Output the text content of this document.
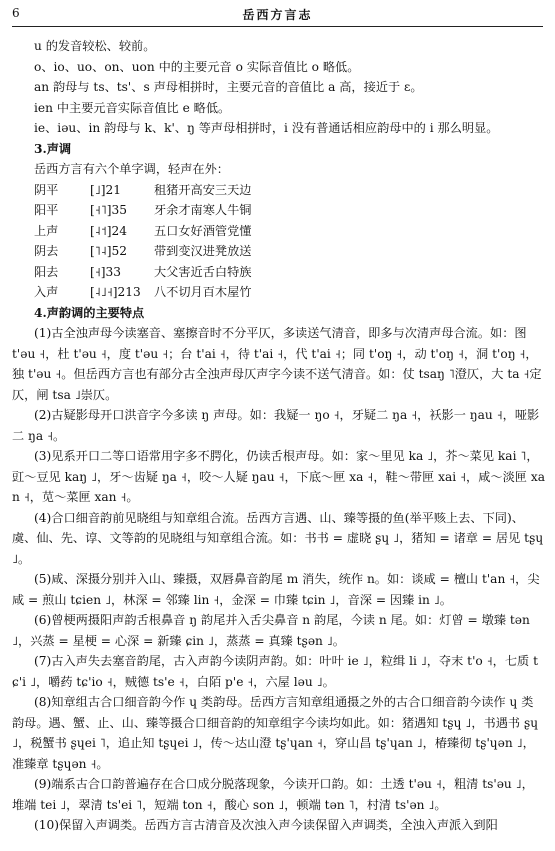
6	岳西方言志
u 的发音较松、较前。
o、io、uo、on、uon 中的主要元音 o 实际音值比 o 略低。
an 韵母与 ts、ts'、s 声母相拼时，主要元音的音值比 a 高，接近于 ɛ。
ien 中主要元音实际音值比 e 略低。
ie、iəu、in 韵母与 k、k'、ŋ 等声母相拼时，i 没有普通话相应韵母中的 i 那么明显。
3.声调
岳西方言有六个单字调，轻声在外：
阴平	[˩]21	租猪开高安三天边
阳平	[˧˥]35	牙余才南寒人牛铜
上声	[˨˦]24	五口女好酒管党懂
阴去	[˥˨]52	带到变汉进凳放送
阳去	[˧]33	大父害近舌白特族
入声	[˨˩˧]213	八不切月百木屋竹
4.声韵调的主要特点
(1)古全浊声母今读塞音、塞擦音时不分平仄，多读送气清音，即多与次清声母合流。如：图 t'əu ˧，杜 t'əu ˧，度 t'əu ˧；台 t'ai ˧，待 t'ai ˧，代 t'ai ˧；同 t'oŋ ˧，动 t'oŋ ˧，洞 t'oŋ ˧，独 t'əu ˧。但岳西方言也有部分古全浊声母仄声字今读不送气清音。如：仗 tsaŋ ˥澄仄，大 ta ˧定仄，闸 tsa ˩崇仄。
(2)古疑影母开口洪音字今多读 ŋ 声母。如：我疑一 ŋo ˧，牙疑二 ŋa ˧，袄影一 ŋau ˧，哑影二 ŋa ˧。
(3)见系开口二等口语常用字多不腭化，仍读舌根声母。如：家～里见 ka ˩，芥～菜见 kai ˥，豇～豆见 kaŋ ˩，牙～齿疑 ŋa ˧，咬～人疑 ŋau ˧，下底～匣 xa ˧，鞋～带匣 xai ˧，咸～淡匣 xan ˧，苋～菜匣 xan ˧。
(4)合口细音韵前见晓组与知章组合流。岳西方言遇、山、臻等摄的鱼(举平赅上去、下同)、虞、仙、先、谆、文等韵的见晓组与知章组合流。如：书书 = 虚晓 ʂɥ ˩，猪知 = 诸章 = 居见 tʂɥ ˩。
(5)咸、深摄分别并入山、臻摄，双唇鼻音韵尾 m 消失，统作 n。如：谈咸 = 檀山 t'an ˧，尖咸 = 煎山 tɕien ˩，林深 = 邻臻 lin ˧，金深 = 巾臻 tɕin ˩，音深 = 因臻 in ˩。
(6)曾梗两摄阳声韵舌根鼻音 ŋ 韵尾并入舌尖鼻音 n 韵尾，今读 n 尾。如：灯曾 = 墩臻 tən ˩，兴蒸 = 星梗 = 心深 = 新臻 ɕin ˩，蒸蒸 = 真臻 tʂən ˩。
(7)古入声失去塞音韵尾，古入声韵今读阴声韵。如：叶叶 ie ˩，粒缉 li ˩，夺末 t'o ˧，七质 tɕ'i ˩，嚼药 tɕ'io ˧，贼德 ts'e ˧，白陌 p'e ˧，六屋 ləu ˩。
(8)知章组古合口细音韵今作 ɥ 类韵母。岳西方言知章组通摄之外的古合口细音韵今读作 ɥ 类韵母。遇、蟹、止、山、臻等摄合口细音韵的知章组字今读均如此。如：猪遇知 tʂɥ ˩，书遇书 ʂɥ ˩，税蟹书 ʂɥei ˥，追止知 tʂɥei ˩，传～达山澄 tʂ'ɥan ˧，穿山昌 tʂ'ɥan ˩，椿臻彻 tʂ'ɥən ˩，准臻章 tʂɥən ˧。
(9)端系古合口韵普遍存在合口成分脱落现象，今读开口韵。如：土透 t'əu ˧，粗清 ts'əu ˩，堆端 tei ˩，翠清 ts'ei ˥，短端 ton ˧，酸心 son ˩，顿端 tən ˥，村清 ts'ən ˩。
(10)保留入声调类。岳西方言古清音及次浊入声今读保留入声调类，全浊入声派入到阳
